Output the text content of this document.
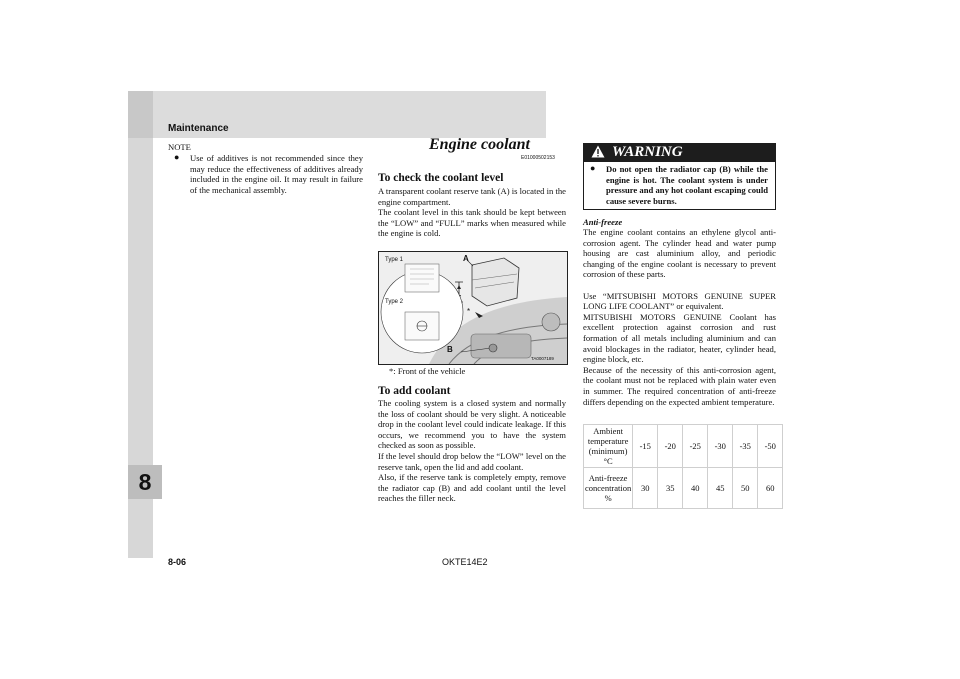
Maintenance
8
NOTE
● Use of additives is not recommended since they may reduce the effectiveness of additives already included in the engine oil. It may result in failure of the mechanical assembly.
Engine coolant
E01000502153
To check the coolant level
A transparent coolant reserve tank (A) is located in the engine compartment.
The coolant level in this tank should be kept between the “LOW” and “FULL” marks when measured while the engine is cold.
Type 1
Type 2
A
B
*
TA0007189
*: Front of the vehicle
To add coolant
The cooling system is a closed system and normally the loss of coolant should be very slight. A noticeable drop in the coolant level could indicate leakage. If this occurs, we recommend you to have the system checked as soon as possible.
If the level should drop below the “LOW” level on the reserve tank, open the lid and add coolant.
Also, if the reserve tank is completely empty, remove the radiator cap (B) and add coolant until the level reaches the filler neck.
WARNING
● Do not open the radiator cap (B) while the engine is hot. The coolant system is under pressure and any hot coolant escaping could cause severe burns.
Anti-freeze
The engine coolant contains an ethylene glycol anti-corrosion agent. The cylinder head and water pump housing are cast aluminium alloy, and periodic changing of the engine coolant is necessary to prevent corrosion of these parts.
Use “MITSUBISHI MOTORS GENUINE SUPER LONG LIFE COOLANT” or equivalent.
MITSUBISHI MOTORS GENUINE Coolant has excellent protection against corrosion and rust formation of all metals including aluminium and can avoid blockages in the radiator, heater, cylinder head, engine block, etc.
Because of the necessity of this anti-corrosion agent, the coolant must not be replaced with plain water even in summer. The required concentration of anti-freeze differs depending on the expected ambient temperature.
Ambient temperature (minimum) °C	-15	-20	-25	-30	-35	-50
Anti-freeze concentration %	30	35	40	45	50	60
8-06	OKTE14E2
